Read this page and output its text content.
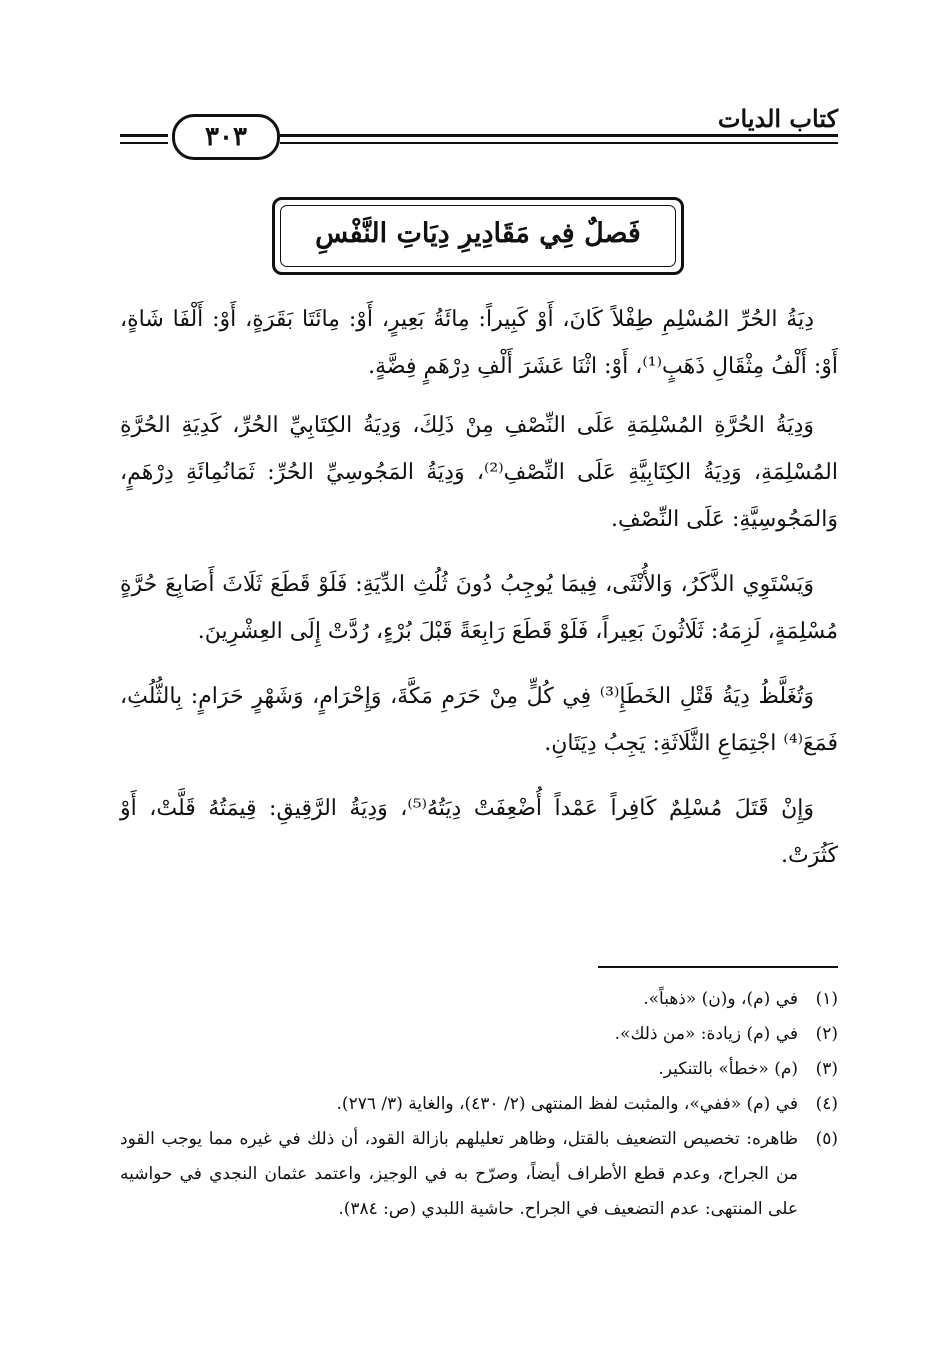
كتاب الديات
٣٠٣
فَصلٌ فِي مَقَادِيرِ دِيَاتِ النَّفْسِ

دِيَةُ الحُرِّ المُسْلِمِ طِفْلاً كَانَ، أَوْ كَبِيراً: مِائَةُ بَعِيرٍ، أَوْ: مِائَتَا بَقَرَةٍ، أَوْ: أَلْفَا شَاةٍ، أَوْ: أَلْفُ مِثْقَالِ ذَهَبٍ⁽¹⁾، أَوْ: اثْنَا عَشَرَ أَلْفِ دِرْهَمٍ فِضَّةٍ.

وَدِيَةُ الحُرَّةِ المُسْلِمَةِ عَلَى النِّصْفِ مِنْ ذَلِكَ، وَدِيَةُ الكِتَابِيِّ الحُرِّ، كَدِيَةِ الحُرَّةِ المُسْلِمَةِ، وَدِيَةُ الكِتَابِيَّةِ عَلَى النِّصْفِ⁽²⁾، وَدِيَةُ المَجُوسِيِّ الحُرِّ: ثَمَانُمِائَةِ دِرْهَمٍ، وَالمَجُوسِيَّةِ: عَلَى النِّصْفِ.

وَيَسْتَوِي الذَّكَرُ، وَالأُنْثَى، فِيمَا يُوجِبُ دُونَ ثُلُثِ الدِّيَةِ: فَلَوْ قَطَعَ ثَلَاثَ أَصَابِعَ حُرَّةٍ مُسْلِمَةٍ، لَزِمَهُ: ثَلَاثُونَ بَعِيراً، فَلَوْ قَطَعَ رَابِعَةً قَبْلَ بُرْءٍ، رُدَّتْ إِلَى العِشْرِينَ.

وَتُغَلَّظُ دِيَةُ قَتْلِ الخَطَإِ⁽³⁾ فِي كُلٍّ مِنْ حَرَمِ مَكَّةَ، وَإِحْرَامٍ، وَشَهْرٍ حَرَامٍ: بِالثُّلُثِ، فَمَعَ⁽⁴⁾ اجْتِمَاعِ الثَّلَاثَةِ: يَجِبُ دِيَتَانِ.

وَإِنْ قَتَلَ مُسْلِمٌ كَافِراً عَمْداً أُضْعِفَتْ دِيَتُهُ⁽⁵⁾، وَدِيَةُ الرَّقِيقِ: قِيمَتُهُ قَلَّتْ، أَوْ كَثُرَتْ.

(١)
في (م)، و(ن) «ذهباً».
(٢)
في (م) زيادة: «من ذلك».
(٣)
(م) «خطأ» بالتنكير.
(٤)
في (م) «ففي»، والمثبت لفظ المنتهى (٢/ ٤٣٠)، والغاية (٣/ ٢٧٦).
(٥)
ظاهره: تخصيص التضعيف بالقتل، وظاهر تعليلهم بازالة القود، أن ذلك في غيره مما يوجب القود من الجراح، وعدم قطع الأطراف أيضاً، وصرّح به في الوجيز، واعتمد عثمان النجدي في حواشيه على المنتهى: عدم التضعيف في الجراح. حاشية اللبدي (ص: ٣٨٤).
